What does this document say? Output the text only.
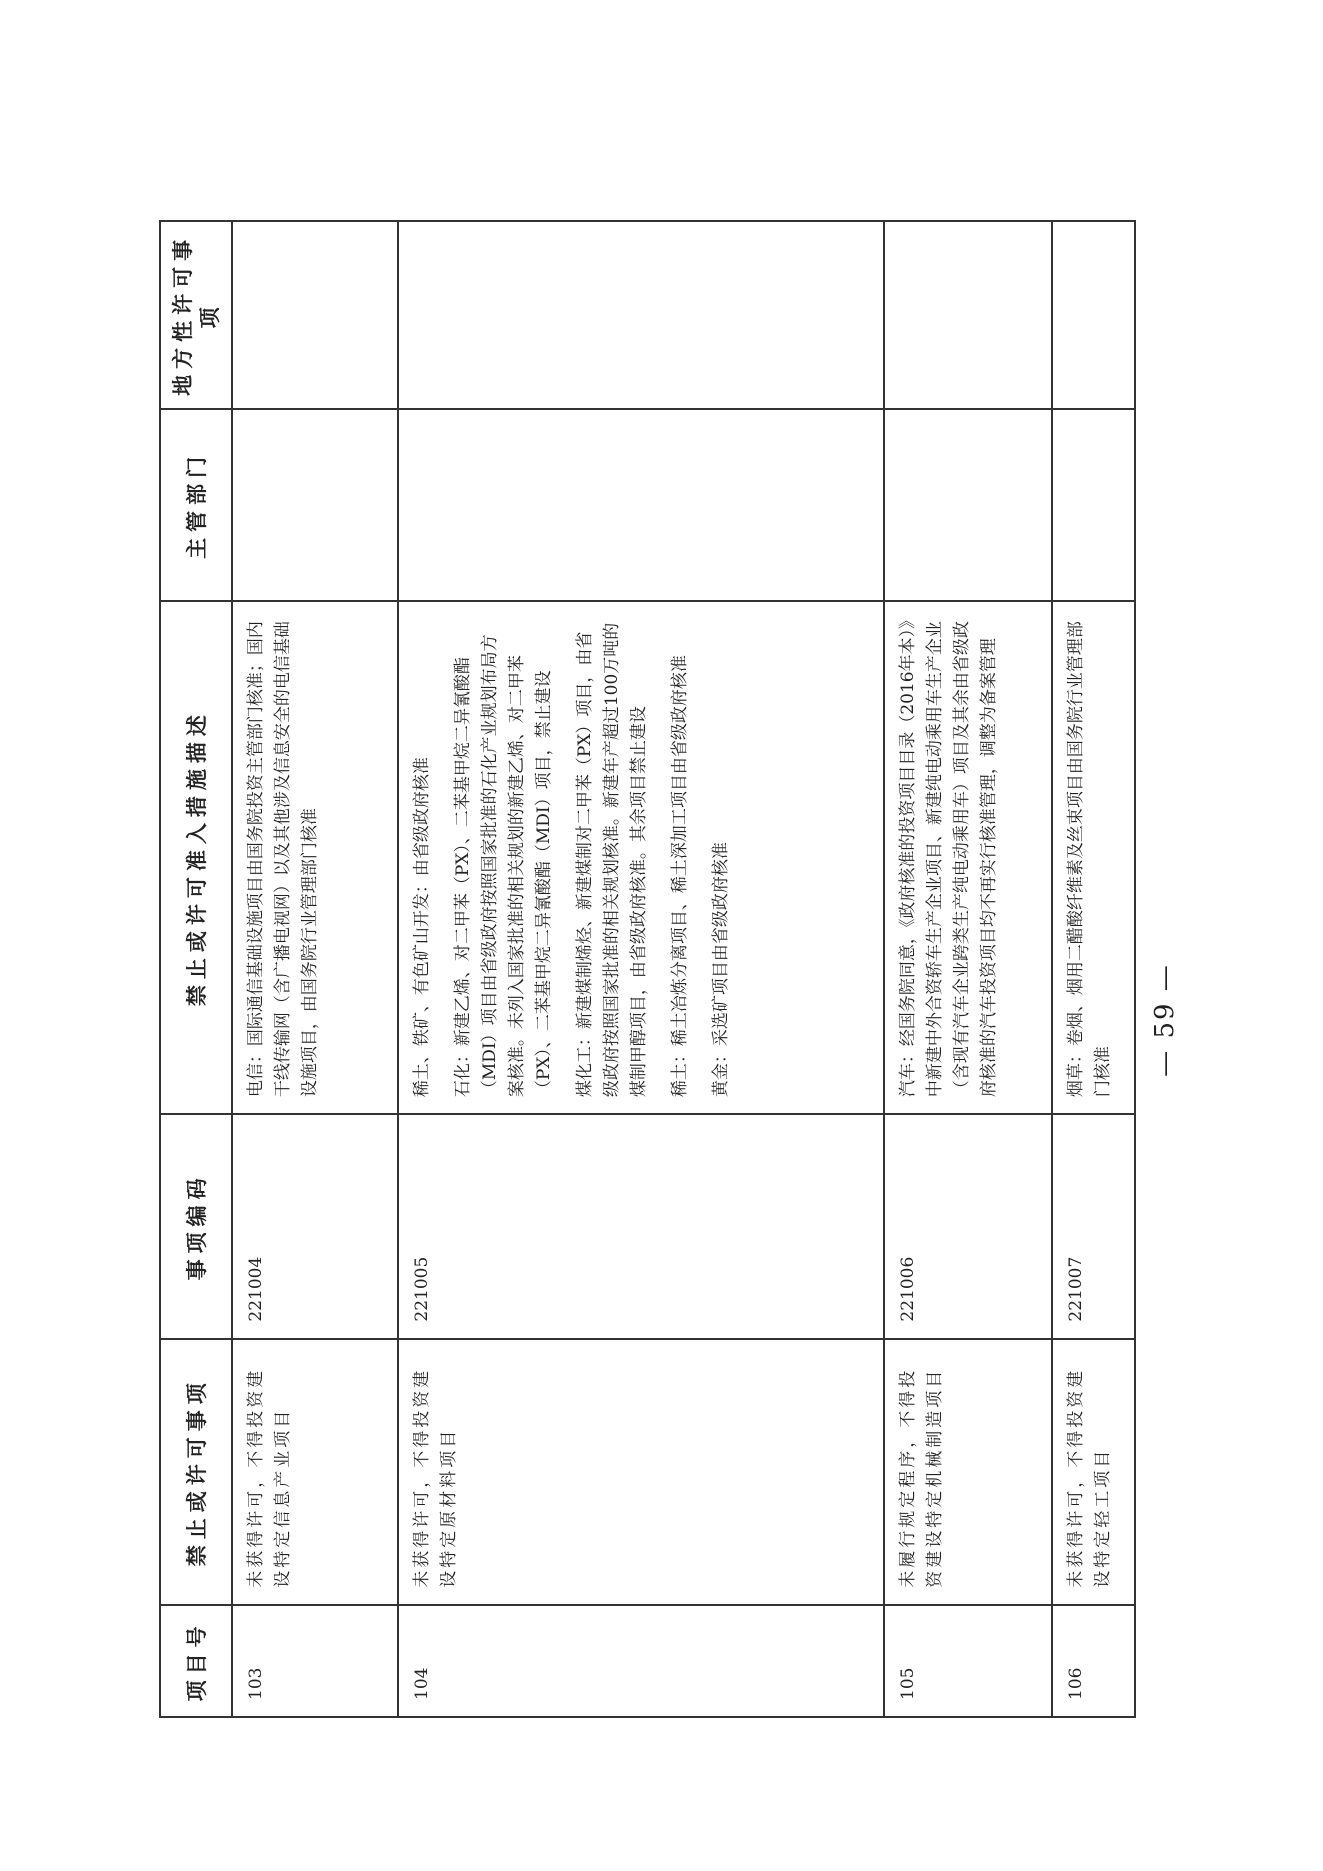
项目号	禁止或许可事项	事项编码	禁止或许可准入措施描述	主管部门	地方性许可事项
103	未获得许可，不得投资建设特定信息产业项目	221004	电信：国际通信基础设施项目由国务院投资主管部门核准；国内干线传输网（含广播电视网）以及其他涉及信息安全的电信基础设施项目，由国务院行业管理部门核准		

104	未获得许可，不得投资建设特定原材料项目	221005	稀土、铁矿、有色矿山开发：由省级政府核准 石化：新建乙烯、对二甲苯（PX）、二苯基甲烷二异氰酸酯（MDI）项目由省级政府按照国家批准的石化产业规划布局方案核准。未列入国家批准的相关规划的新建乙烯、对二甲苯（PX）、二苯基甲烷二异氰酸酯（MDI）项目，禁止建设 煤化工：新建煤制烯烃、新建煤制对二甲苯（PX）项目，由省级政府按照国家批准的相关规划核准。新建年产超过100万吨的煤制甲醇项目，由省级政府核准。其余项目禁止建设 稀土：稀土冶炼分离项目、稀土深加工项目由省级政府核准 黄金：采选矿项目由省级政府核准		

105	未履行规定程序，不得投资建设特定机械制造项目	221006	汽车：经国务院同意，《政府核准的投资项目目录（2016年本）》中新建中外合资轿车生产企业项目、新建纯电动乘用车生产企业（含现有汽车企业跨类生产纯电动乘用车）项目及其余由省级政府核准的汽车投资项目均不再实行核准管理，调整为备案管理		

106	未获得许可，不得投资建设特定轻工项目	221007	烟草：卷烟、烟用二醋酸纤维素及丝束项目由国务院行业管理部门核准		

		— 59 —
